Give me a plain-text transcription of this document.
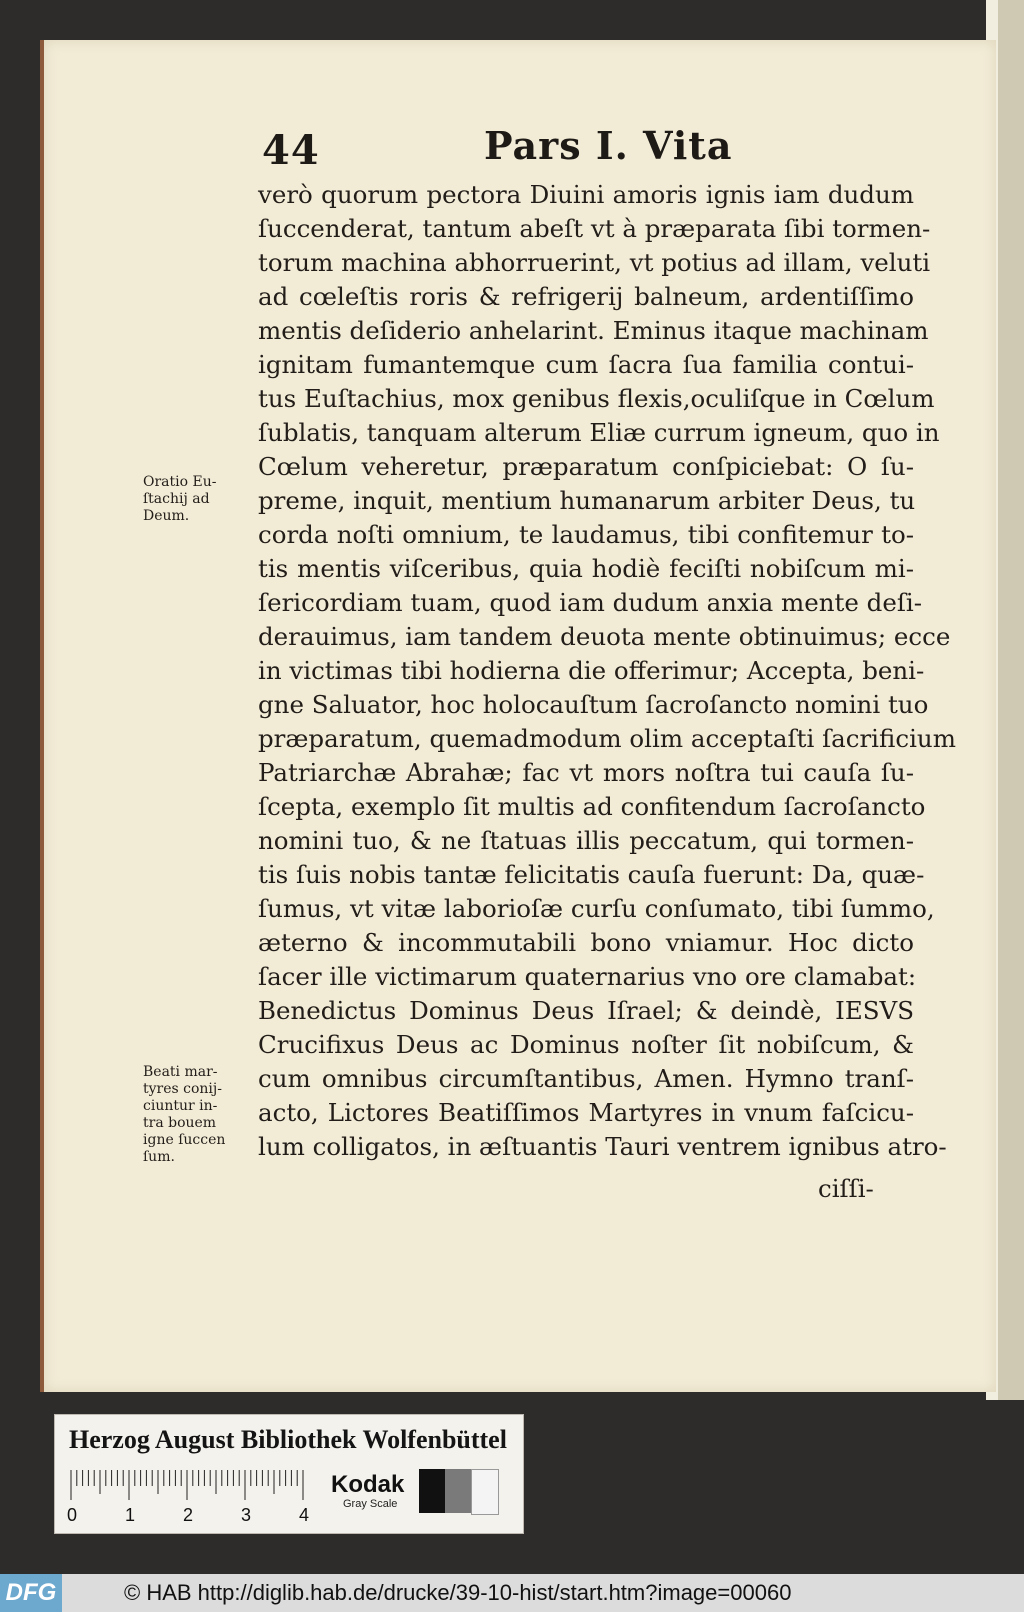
44	Pars I. Vita
verò quorum pectora Diuini amoris ignis iam dudum
ſuccenderat, tantum abeſt vt à præparata ſibi tormen-
torum machina abhorruerint, vt potius ad illam, veluti
ad cœleſtis roris & refrigerij balneum, ardentiſſimo
mentis deſiderio anhelarint. Eminus itaque machinam
ignitam fumantemque cum ſacra ſua familia contui-
tus Euſtachius, mox genibus flexis,oculiſque in Cœlum
ſublatis, tanquam alterum Eliæ currum igneum, quo in
Cœlum veheretur, præparatum conſpiciebat: O ſu-
preme, inquit, mentium humanarum arbiter Deus, tu
corda noſti omnium, te laudamus, tibi confitemur to-
tis mentis viſceribus, quia hodiè feciſti nobiſcum mi-
ſericordiam tuam, quod iam dudum anxia mente deſi-
derauimus, iam tandem deuota mente obtinuimus; ecce
in victimas tibi hodierna die offerimur; Accepta, beni-
gne Saluator, hoc holocauſtum ſacroſancto nomini tuo
præparatum, quemadmodum olim acceptaſti ſacrificium
Patriarchæ Abrahæ; fac vt mors noſtra tui cauſa ſu-
ſcepta, exemplo ſit multis ad confitendum ſacroſancto
nomini tuo, & ne ſtatuas illis peccatum, qui tormen-
tis ſuis nobis tantæ felicitatis cauſa fuerunt: Da, quæ-
ſumus, vt vitæ laborioſæ curſu conſumato, tibi ſummo,
æterno & incommutabili bono vniamur. Hoc dicto
ſacer ille victimarum quaternarius vno ore clamabat:
Benedictus Dominus Deus Iſrael; & deindè, IESVS
Crucifixus Deus ac Dominus noſter ſit nobiſcum, &
cum omnibus circumſtantibus, Amen. Hymno tranſ-
acto, Lictores Beatiſſimos Martyres in vnum faſcicu-
lum colligatos, in æſtuantis Tauri ventrem ignibus atro-
ciſſi-
Oratio Eu-
ſtachij ad
Deum.
Beati mar-
tyres conij-
ciuntur in-
tra bouem
igne ſuccen
ſum.
Herzog August Bibliothek Wolfenbüttel
0	1	2	3	4
Kodak
Gray Scale
DFG	© HAB http://diglib.hab.de/drucke/39-10-hist/start.htm?image=00060
